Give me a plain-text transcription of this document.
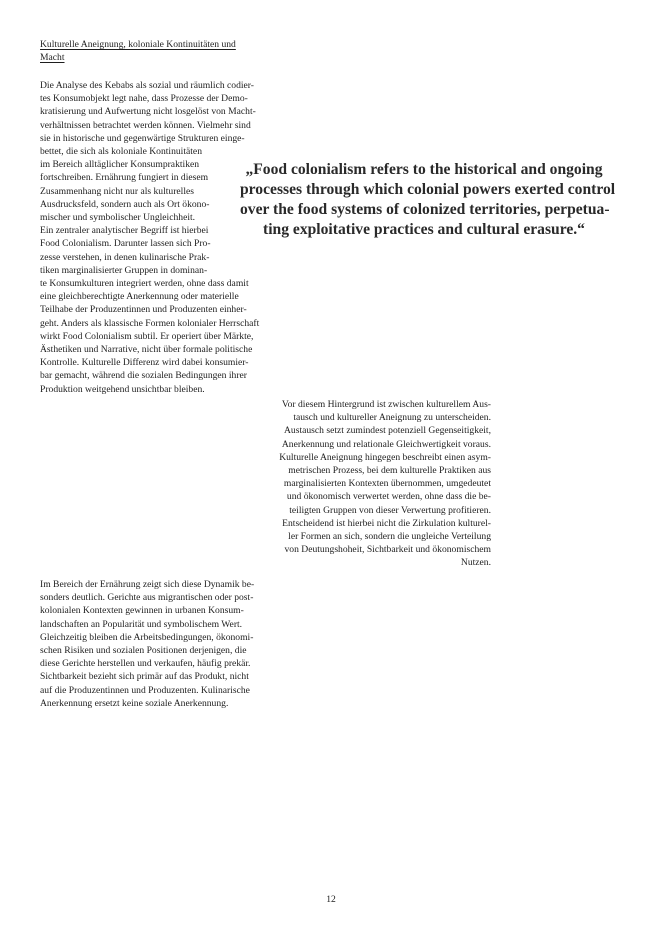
Kulturelle Aneignung, koloniale Kontinuitäten und
Macht
Die Analyse des Kebabs als sozial und räumlich codier-
tes Konsumobjekt legt nahe, dass Prozesse der Demo-
kratisierung und Aufwertung nicht losgelöst von Macht-
verhältnissen betrachtet werden können. Vielmehr sind
sie in historische und gegenwärtige Strukturen einge-
bettet, die sich als koloniale Kontinuitäten
im Bereich alltäglicher Konsumpraktiken
fortschreiben. Ernährung fungiert in diesem
Zusammenhang nicht nur als kulturelles
Ausdrucksfeld, sondern auch als Ort ökono-
mischer und symbolischer Ungleichheit.
Ein zentraler analytischer Begriff ist hierbei
Food Colonialism. Darunter lassen sich Pro-
zesse verstehen, in denen kulinarische Prak-
tiken marginalisierter Gruppen in dominan-
te Konsumkulturen integriert werden, ohne dass damit
eine gleichberechtigte Anerkennung oder materielle
Teilhabe der Produzentinnen und Produzenten einher-
geht. Anders als klassische Formen kolonialer Herrschaft
wirkt Food Colonialism subtil. Er operiert über Märkte,
Ästhetiken und Narrative, nicht über formale politische
Kontrolle. Kulturelle Differenz wird dabei konsumier-
bar gemacht, während die sozialen Bedingungen ihrer
Produktion weitgehend unsichtbar bleiben.
„Food colonialism refers to the historical and ongoing
processes through which colonial powers exerted control
over the food systems of colonized territories, perpetua-
ting exploitative practices and cultural erasure.“
Vor diesem Hintergrund ist zwischen kulturellem Aus-
tausch und kultureller Aneignung zu unterscheiden.
Austausch setzt zumindest potenziell Gegenseitigkeit,
Anerkennung und relationale Gleichwertigkeit voraus.
Kulturelle Aneignung hingegen beschreibt einen asym-
metrischen Prozess, bei dem kulturelle Praktiken aus
marginalisierten Kontexten übernommen, umgedeutet
und ökonomisch verwertet werden, ohne dass die be-
teiligten Gruppen von dieser Verwertung profitieren.
Entscheidend ist hierbei nicht die Zirkulation kulturel-
ler Formen an sich, sondern die ungleiche Verteilung
von Deutungshoheit, Sichtbarkeit und ökonomischem
Nutzen.
Im Bereich der Ernährung zeigt sich diese Dynamik be-
sonders deutlich. Gerichte aus migrantischen oder post-
kolonialen Kontexten gewinnen in urbanen Konsum-
landschaften an Popularität und symbolischem Wert.
Gleichzeitig bleiben die Arbeitsbedingungen, ökonomi-
schen Risiken und sozialen Positionen derjenigen, die
diese Gerichte herstellen und verkaufen, häufig prekär.
Sichtbarkeit bezieht sich primär auf das Produkt, nicht
auf die Produzentinnen und Produzenten. Kulinarische
Anerkennung ersetzt keine soziale Anerkennung.
12
